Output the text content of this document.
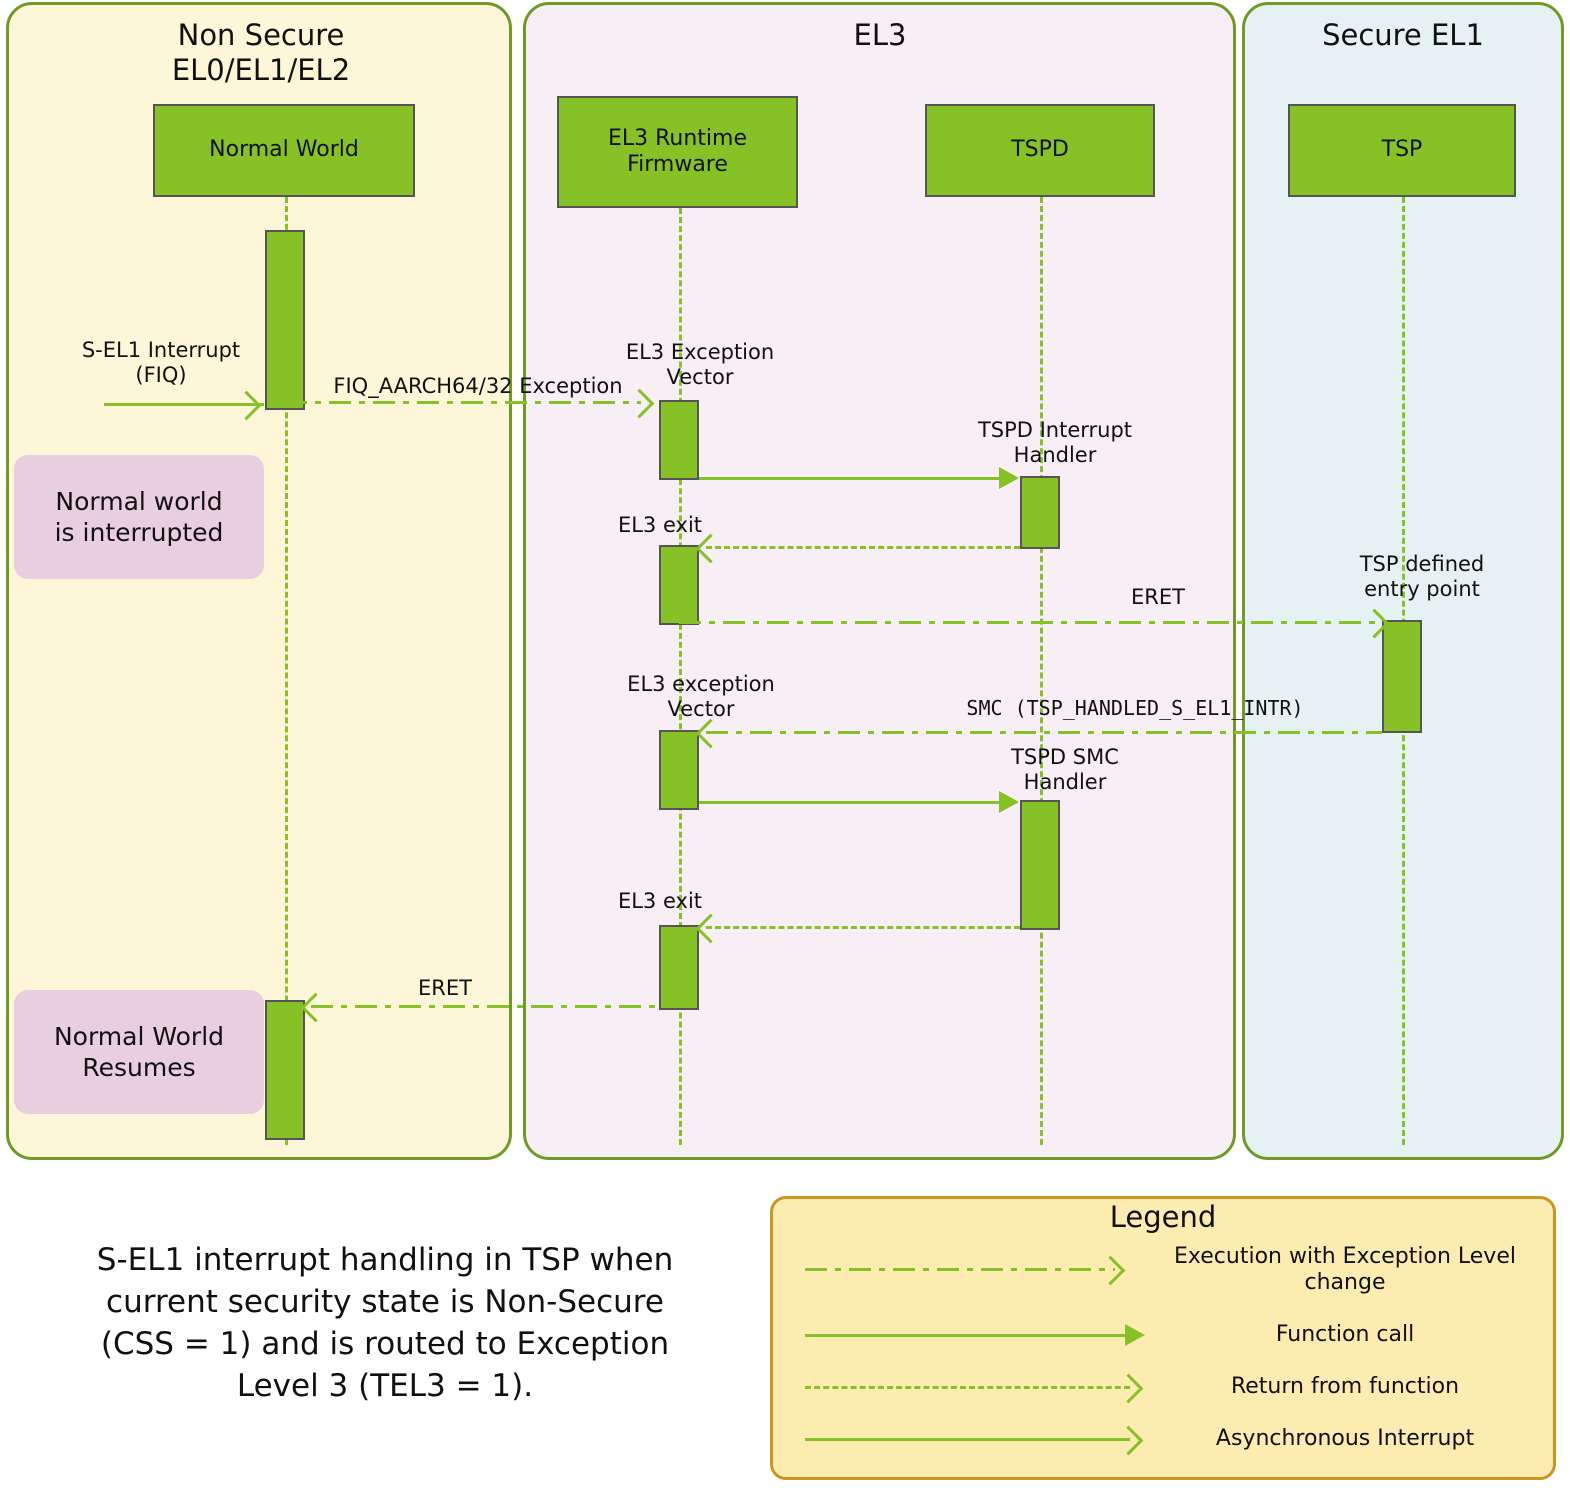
Non Secure
EL0/EL1/EL2
EL3	Secure EL1
Normal World	EL3 Runtime Firmware
TSPD	TSP
Normal world
is interrupted
Normal World
Resumes
S-EL1 Interrupt
(FIQ)	FIQ_AARCH64/32 Exception
EL3 Exception
Vector
TSPD Interrupt
Handler
EL3 exit
ERET
TSP defined
entry point
SMC (TSP_HANDLED_S_EL1_INTR)
EL3 exception
Vector
TSPD SMC
Handler
EL3 exit
ERET
S-EL1 interrupt handling in TSP when
current security state is Non-Secure
(CSS = 1) and is routed to Exception
Level 3 (TEL3 = 1).
Legend
Execution with Exception Level
change
Function call
Return from function
Asynchronous Interrupt
